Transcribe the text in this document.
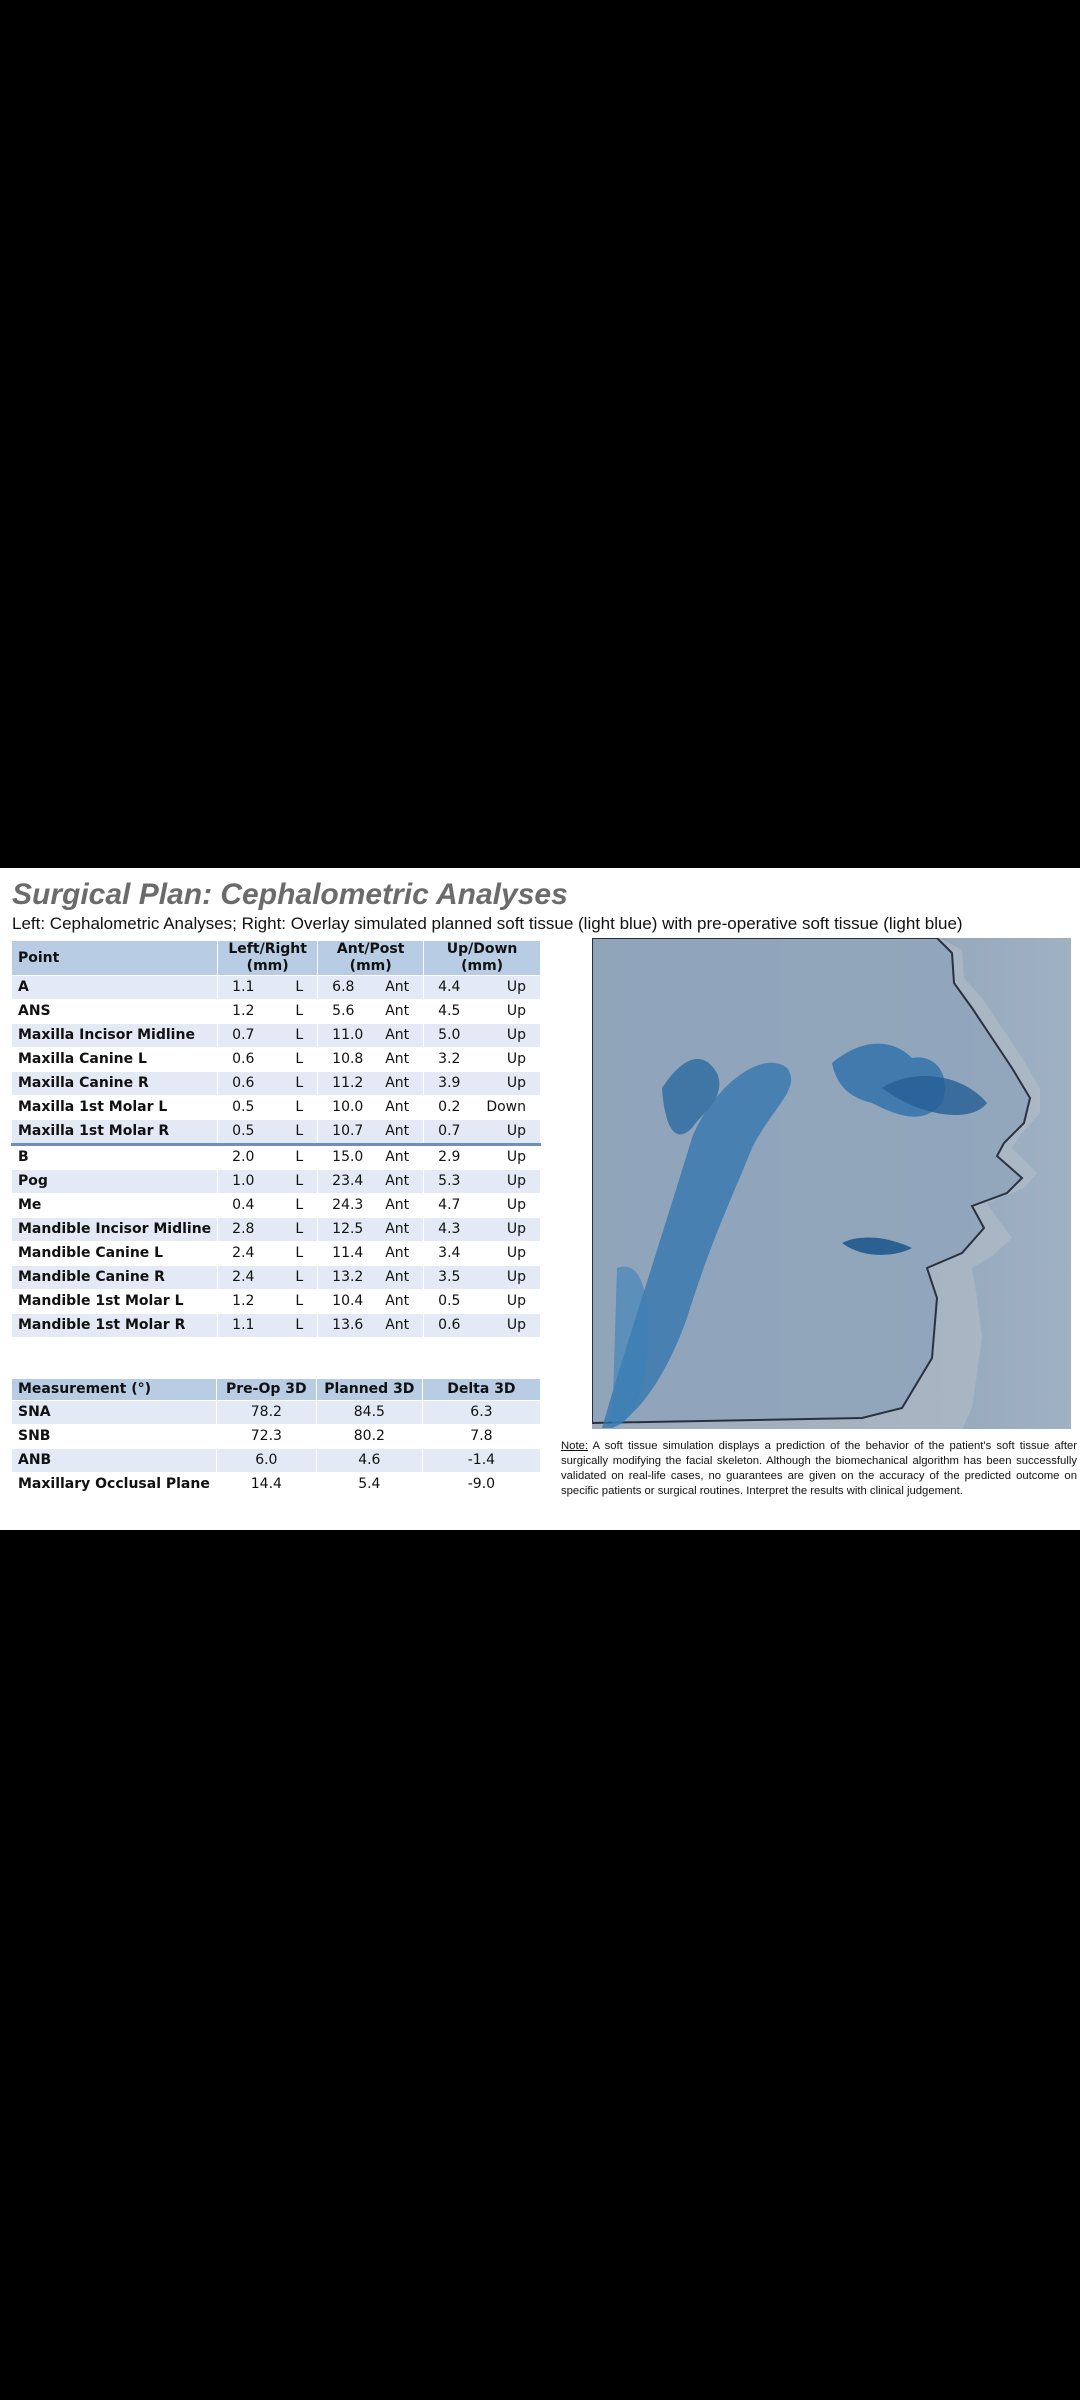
Surgical Plan: Cephalometric Analyses

Left: Cephalometric Analyses; Right: Overlay simulated planned soft tissue (light blue) with pre-operative soft tissue (light blue)

Point	Left/Right (mm)	Ant/Post (mm)	Up/Down (mm)
A	1.1 L	6.8 Ant	4.4 Up

ANS	1.2 L	5.6 Ant	4.5 Up

Maxilla Incisor Midline	0.7 L	11.0 Ant	5.0 Up

Maxilla Canine L	0.6 L	10.8 Ant	3.2 Up

Maxilla Canine R	0.6 L	11.2 Ant	3.9 Up

Maxilla 1st Molar L	0.5 L	10.0 Ant	0.2 Down

Maxilla 1st Molar R	0.5 L	10.7 Ant	0.7 Up

B	2.0 L	15.0 Ant	2.9 Up

Pog	1.0 L	23.4 Ant	5.3 Up

Me	0.4 L	24.3 Ant	4.7 Up

Mandible Incisor Midline	2.8 L	12.5 Ant	4.3 Up

Mandible Canine L	2.4 L	11.4 Ant	3.4 Up

Mandible Canine R	2.4 L	13.2 Ant	3.5 Up

Mandible 1st Molar L	1.2 L	10.4 Ant	0.5 Up

Mandible 1st Molar R	1.1 L	13.6 Ant	0.6 Up
Measurement (°)	Pre-Op 3D	Planned 3D	Delta 3D
SNA	78.2	84.5	6.3
SNB	72.3	80.2	7.8
ANB	6.0	4.6	-1.4
Maxillary Occlusal Plane	14.4	5.4	-9.0

Note: A soft tissue simulation displays a prediction of the behavior of the patient's soft tissue after surgically modifying the facial skeleton. Although the biomechanical algorithm has been successfully validated on real-life cases, no guarantees are given on the accuracy of the predicted outcome on specific patients or surgical routines. Interpret the results with clinical judgement.
